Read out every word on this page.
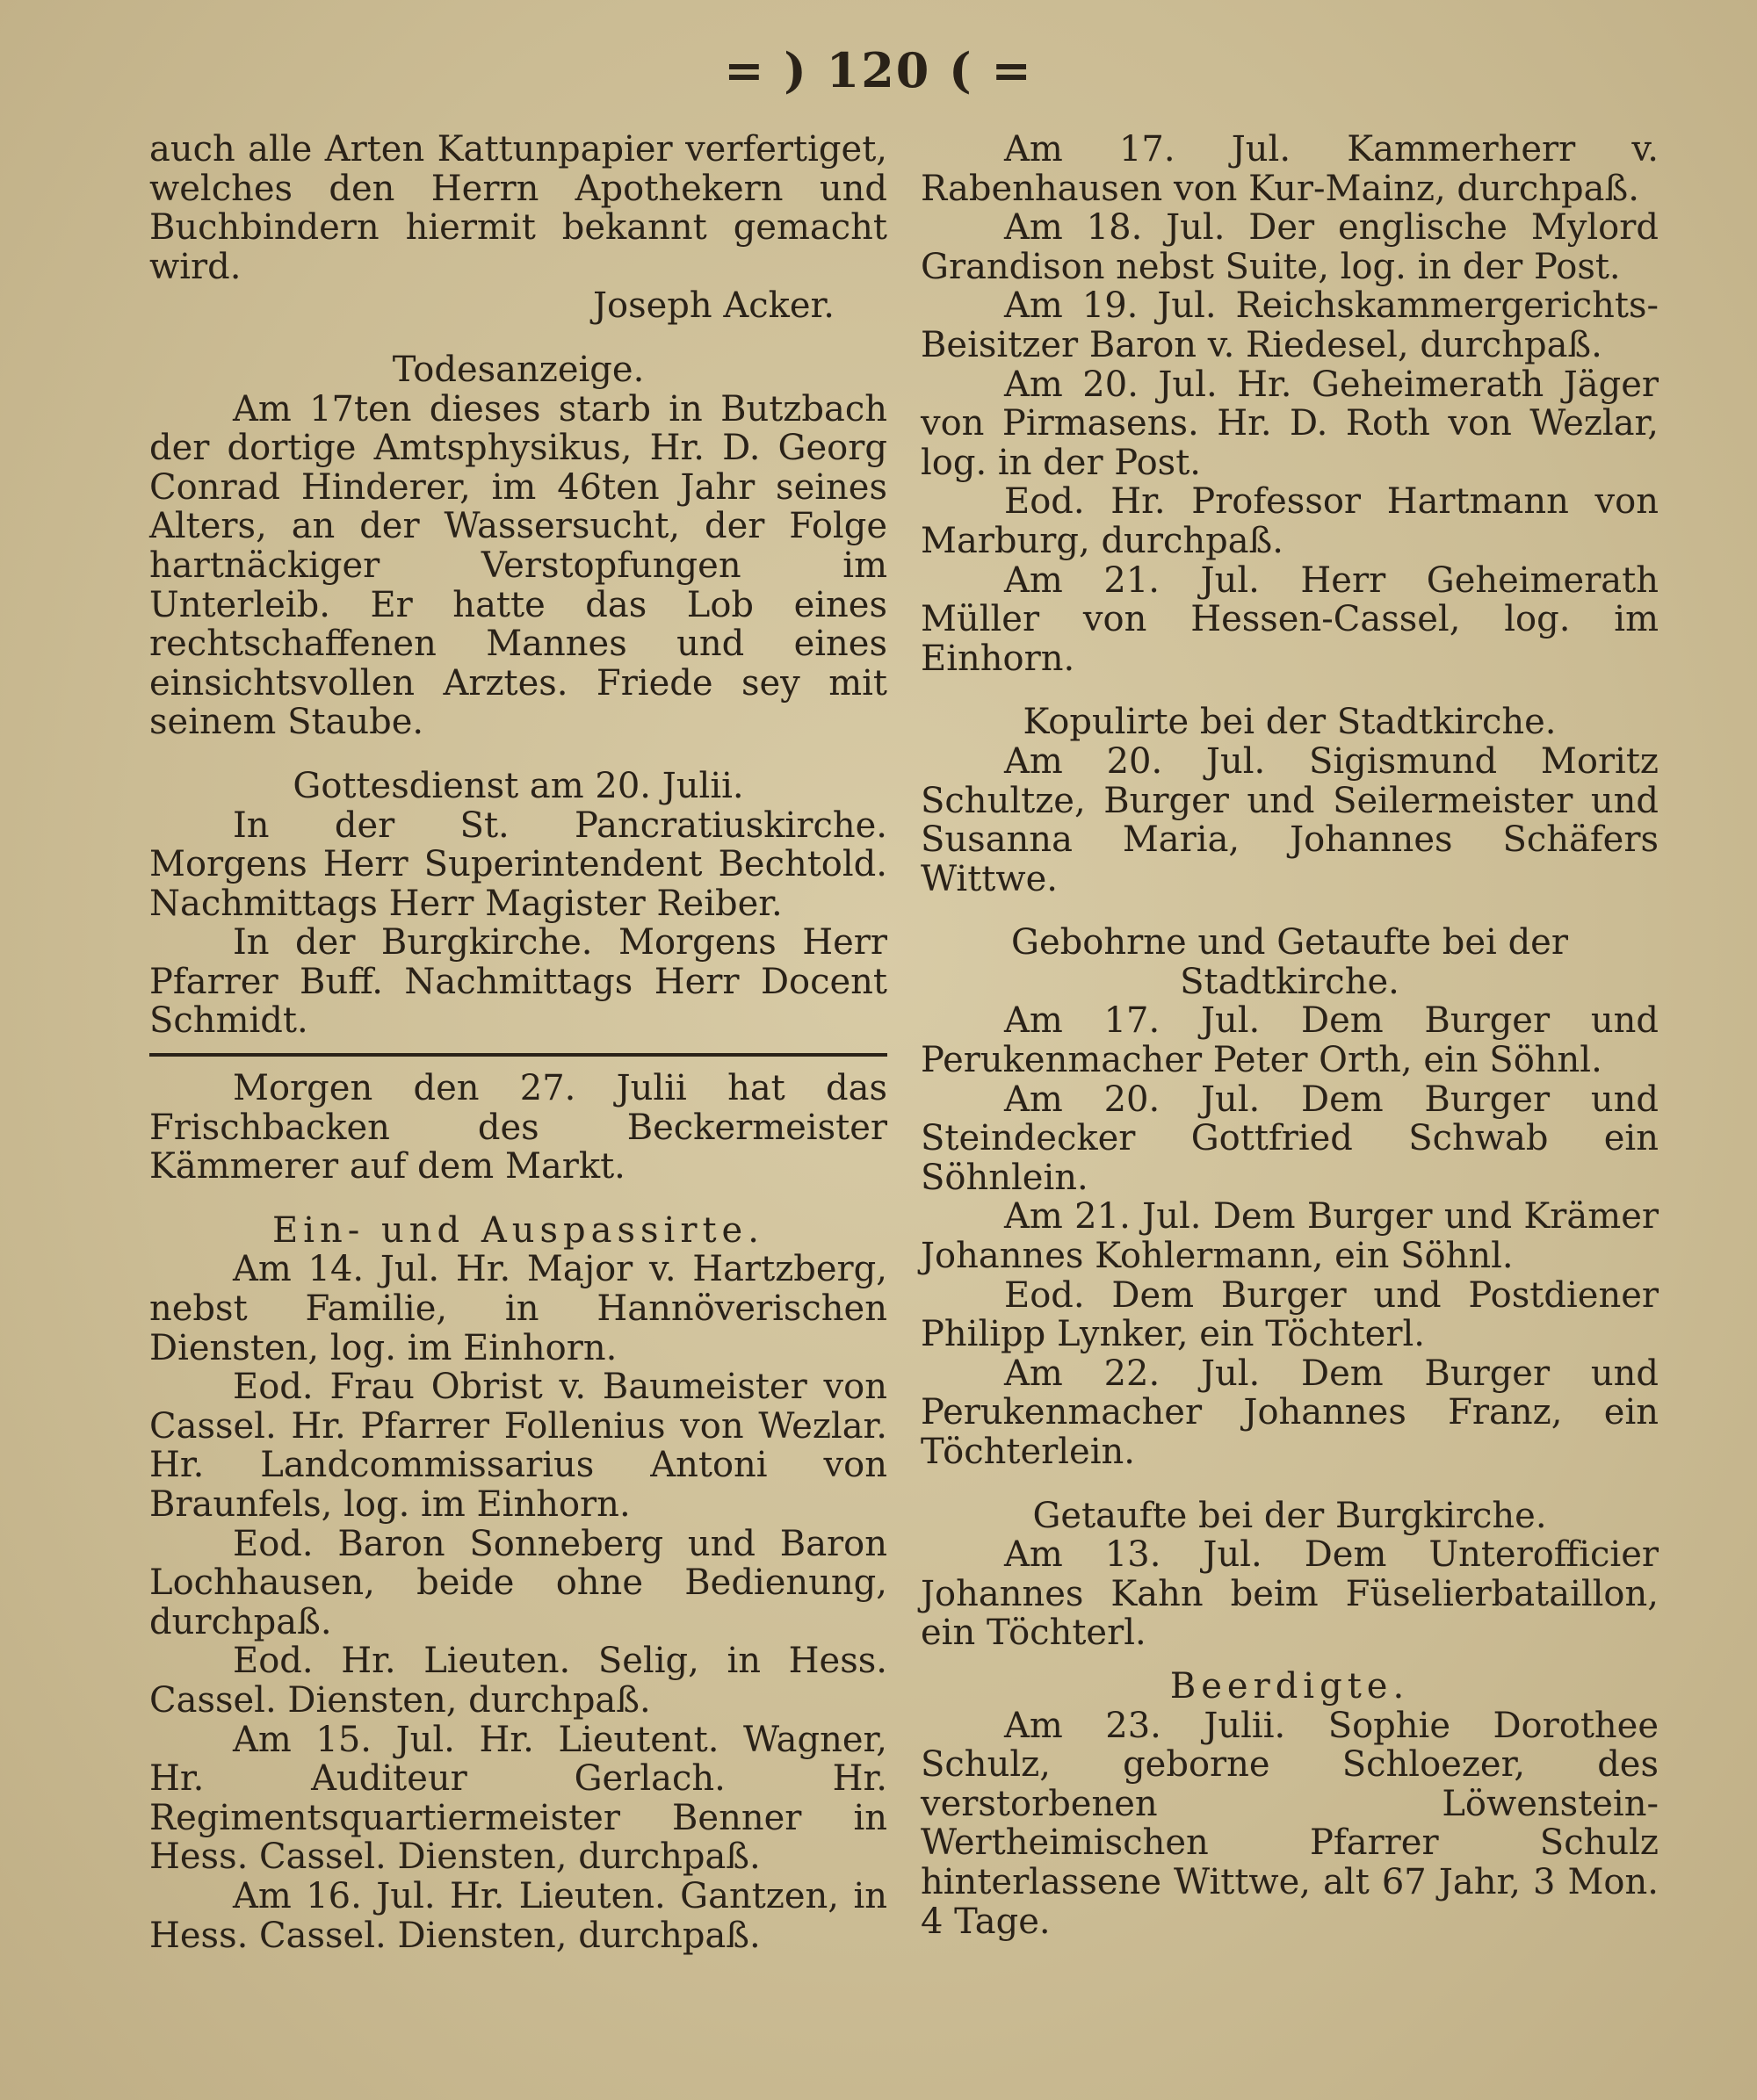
= ) 120 ( =

auch alle Arten Kattunpapier verfertiget, welches den Herrn Apothekern und Buchbindern hiermit bekannt gemacht wird.

Joseph Acker.

Todesanzeige.

Am 17ten dieses starb in Butzbach der dortige Amtsphysikus, Hr. D. Georg Conrad Hinderer, im 46ten Jahr seines Alters, an der Wassersucht, der Folge hartnäckiger Verstopfungen im Unterleib. Er hatte das Lob eines rechtschaffenen Mannes und eines einsichtsvollen Arztes. Friede sey mit seinem Staube.

Gottesdienst am 20. Julii.

In der St. Pancratiuskirche. Morgens Herr Superintendent Bechtold. Nachmittags Herr Magister Reiber.

In der Burgkirche. Morgens Herr Pfarrer Buff. Nachmittags Herr Docent Schmidt.

Morgen den 27. Julii hat das Frischbacken des Beckermeister Kämmerer auf dem Markt.

Ein- und Auspassirte.

Am 14. Jul. Hr. Major v. Hartzberg, nebst Familie, in Hannöverischen Diensten, log. im Einhorn.

Eod. Frau Obrist v. Baumeister von Cassel. Hr. Pfarrer Follenius von Wezlar. Hr. Landcommissarius Antoni von Braunfels, log. im Einhorn.

Eod. Baron Sonneberg und Baron Lochhausen, beide ohne Bedienung, durchpaß.

Eod. Hr. Lieuten. Selig, in Hess. Cassel. Diensten, durchpaß.

Am 15. Jul. Hr. Lieutent. Wagner, Hr. Auditeur Gerlach. Hr. Regimentsquartiermeister Benner in Hess. Cassel. Diensten, durchpaß.

Am 16. Jul. Hr. Lieuten. Gantzen, in Hess. Cassel. Diensten, durchpaß.

Am 17. Jul. Kammerherr v. Rabenhausen von Kur-Mainz, durchpaß.

Am 18. Jul. Der englische Mylord Grandison nebst Suite, log. in der Post.

Am 19. Jul. Reichskammergerichts-Beisitzer Baron v. Riedesel, durchpaß.

Am 20. Jul. Hr. Geheimerath Jäger von Pirmasens. Hr. D. Roth von Wezlar, log. in der Post.

Eod. Hr. Professor Hartmann von Marburg, durchpaß.

Am 21. Jul. Herr Geheimerath Müller von Hessen-Cassel, log. im Einhorn.

Kopulirte bei der Stadtkirche.

Am 20. Jul. Sigismund Moritz Schultze, Burger und Seilermeister und Susanna Maria, Johannes Schäfers Wittwe.

Gebohrne und Getaufte bei der Stadtkirche.

Am 17. Jul. Dem Burger und Perukenmacher Peter Orth, ein Söhnl.

Am 20. Jul. Dem Burger und Steindecker Gottfried Schwab ein Söhnlein.

Am 21. Jul. Dem Burger und Krämer Johannes Kohlermann, ein Söhnl.

Eod. Dem Burger und Postdiener Philipp Lynker, ein Töchterl.

Am 22. Jul. Dem Burger und Perukenmacher Johannes Franz, ein Töchterlein.

Getaufte bei der Burgkirche.

Am 13. Jul. Dem Unterofficier Johannes Kahn beim Füselierbataillon, ein Töchterl.

Beerdigte.

Am 23. Julii. Sophie Dorothee Schulz, geborne Schloezer, des verstorbenen Löwenstein-Wertheimischen Pfarrer Schulz hinterlassene Wittwe, alt 67 Jahr, 3 Mon. 4 Tage.
